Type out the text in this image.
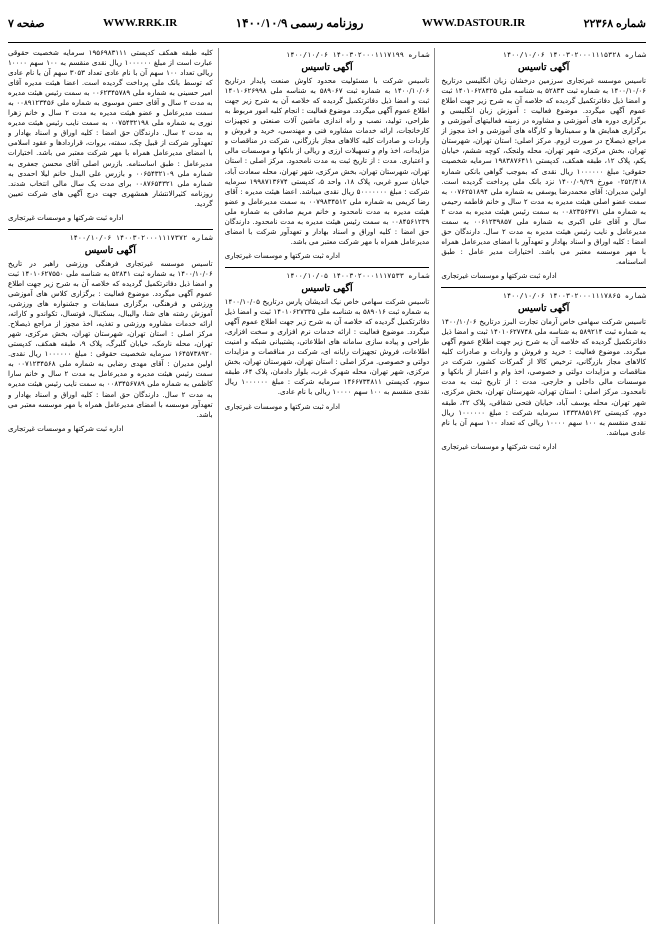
صفحه ۷	WWW.RRK.IR	روزنامه رسمی ۱۴۰۰/۱۰/۹	WWW.DASTOUR.IR	شماره ۲۲۳۶۸
شماره ۱۴۰۰۳۰۲۰۰۰۱۱۱۵۳۲۸ ۱۴۰۰/۱۰/۰۶
آگهی تاسیس

تاسیس موسسه غیرتجاری سرزمین درخشان زبان انگلیسی درتاریخ ۱۴۰۰/۱۰/۰۶ به شماره ثبت ۵۲۸۳۳ به شناسه ملی ۱۴۰۱۰۶۲۸۴۲۵ ثبت و امضا ذیل دفاترتکمیل گردیده که خلاصه آن به شرح زیر جهت اطلاع عموم آگهی میگردد. موضوع فعالیت : آموزش زبان انگلیسی و برگزاری دوره های آموزشی و مشاوره در زمینه فعالیتهای آموزشی و برگزاری همایش ها و سمینارها و کارگاه های آموزشی و اخذ مجوز از مراجع ذیصلاح در صورت لزوم. مرکز اصلی: استان تهران، شهرستان تهران، بخش مرکزی، شهر تهران، محله ولنجک، کوچه ششم، خیابان یکم، پلاک ۱۲، طبقه همکف، کدپستی ۱۹۸۳۸۷۶۴۱۱ سرمایه شخصیت حقوقی: مبلغ ۱۰۰۰۰۰۰ ریال نقدی که بموجب گواهی بانکی شماره ۰۲۵۲/۴۱۸ مورخ ۱۴۰۰/۰۹/۲۹ نزد بانک ملی پرداخت گردیده است. اولین مدیران: آقای محمدرضا یوسفی به شماره ملی ۰۰۷۶۲۵۱۸۹۴ به سمت عضو اصلی هیئت مدیره به مدت ۲ سال و خانم فاطمه رحیمی به شماره ملی ۰۰۸۲۳۵۶۴۷۱ به سمت رئیس هیئت مدیره به مدت ۲ سال و آقای علی اکبری به شماره ملی ۰۰۶۱۲۳۹۸۵۷ به سمت مدیرعامل و نایب رئیس هیئت مدیره به مدت ۲ سال. دارندگان حق امضا : کلیه اوراق و اسناد بهادار و تعهدآور با امضای مدیرعامل همراه با مهر موسسه معتبر می باشد. اختیارات مدیر عامل : طبق اساسنامه.

اداره ثبت شرکتها و موسسات غیرتجاری
شماره ۱۴۰۰۳۰۲۰۰۰۱۱۱۷۸۶۵ ۱۴۰۰/۱۰/۰۶
آگهی تاسیس

تاسیس شرکت سهامی خاص آرمان تجارت البرز درتاریخ ۱۴۰۰/۱۰/۰۶ به شماره ثبت ۵۸۹۲۱۴ به شناسه ملی ۱۴۰۱۰۶۲۷۷۴۸ ثبت و امضا ذیل دفاترتکمیل گردیده که خلاصه آن به شرح زیر جهت اطلاع عموم آگهی میگردد. موضوع فعالیت : خرید و فروش و واردات و صادرات کلیه کالاهای مجاز بازرگانی، ترخیص کالا از گمرکات کشور، شرکت در مناقصات و مزایدات دولتی و خصوصی، اخذ وام و اعتبار از بانکها و موسسات مالی داخلی و خارجی. مدت : از تاریخ ثبت به مدت نامحدود. مرکز اصلی : استان تهران، شهرستان تهران، بخش مرکزی، شهر تهران، محله یوسف آباد، خیابان فتحی شقاقی، پلاک ۴۲، طبقه دوم، کدپستی ۱۴۳۳۸۸۵۱۶۲ سرمایه شرکت : مبلغ ۱۰۰۰۰۰۰ ریال نقدی منقسم به ۱۰۰ سهم ۱۰۰۰۰ ریالی که تعداد ۱۰۰ سهم آن با نام عادی میباشد.

اداره ثبت شرکتها و موسسات غیرتجاری
شماره ۱۴۰۰۳۰۲۰۰۰۱۱۱۷۱۹۹ ۱۴۰۰/۱۰/۰۶
آگهی تاسیس

تاسیس شرکت با مسئولیت محدود کاوش صنعت پایدار درتاریخ ۱۴۰۰/۱۰/۰۶ به شماره ثبت ۵۸۹۰۶۷ به شناسه ملی ۱۴۰۱۰۶۲۶۹۹۸ ثبت و امضا ذیل دفاترتکمیل گردیده که خلاصه آن به شرح زیر جهت اطلاع عموم آگهی میگردد. موضوع فعالیت : انجام کلیه امور مربوط به طراحی، تولید، نصب و راه اندازی ماشین آلات صنعتی و تجهیزات کارخانجات، ارائه خدمات مشاوره فنی و مهندسی، خرید و فروش و واردات و صادرات کلیه کالاهای مجاز بازرگانی، شرکت در مناقصات و مزایدات، اخذ وام و تسهیلات ارزی و ریالی از بانکها و موسسات مالی و اعتباری. مدت : از تاریخ ثبت به مدت نامحدود. مرکز اصلی : استان تهران، شهرستان تهران، بخش مرکزی، شهر تهران، محله سعادت آباد، خیابان سرو غربی، پلاک ۱۸، واحد ۵، کدپستی ۱۹۹۸۷۱۳۶۷۴ سرمایه شرکت : مبلغ ۵۰۰۰۰۰۰۰ ریال نقدی میباشد. اعضا هیئت مدیره : آقای رضا کریمی به شماره ملی ۰۰۷۹۸۳۴۵۱۲ به سمت مدیرعامل و عضو هیئت مدیره به مدت نامحدود و خانم مریم صادقی به شماره ملی ۰۰۸۴۵۶۱۲۳۹ به سمت رئیس هیئت مدیره به مدت نامحدود. دارندگان حق امضا : کلیه اوراق و اسناد بهادار و تعهدآور شرکت با امضای مدیرعامل همراه با مهر شرکت معتبر می باشد.

اداره ثبت شرکتها و موسسات غیرتجاری
شماره ۱۴۰۰۳۰۲۰۰۰۱۱۱۷۵۳۳ ۱۴۰۰/۱۰/۰۵
آگهی تاسیس

تاسیس شرکت سهامی خاص نیک اندیشان پارس درتاریخ ۱۴۰۰/۱۰/۰۵ به شماره ثبت ۵۸۹۰۱۶ به شناسه ملی ۱۴۰۱۰۶۲۷۳۳۵ ثبت و امضا ذیل دفاترتکمیل گردیده که خلاصه آن به شرح زیر جهت اطلاع عموم آگهی میگردد. موضوع فعالیت : ارائه خدمات نرم افزاری و سخت افزاری، طراحی و پیاده سازی سامانه های اطلاعاتی، پشتیبانی شبکه و امنیت اطلاعات، فروش تجهیزات رایانه ای، شرکت در مناقصات و مزایدات دولتی و خصوصی. مرکز اصلی : استان تهران، شهرستان تهران، بخش مرکزی، شهر تهران، محله شهرک غرب، بلوار دادمان، پلاک ۶۴، طبقه سوم، کدپستی ۱۴۶۶۷۳۴۸۱۱ سرمایه شرکت : مبلغ ۱۰۰۰۰۰۰ ریال نقدی منقسم به ۱۰۰ سهم ۱۰۰۰۰ ریالی با نام عادی.

اداره ثبت شرکتها و موسسات غیرتجاری

کلیه طبقه همکف کدپستی ۱۹۵۶۹۸۳۱۱۱ سرمایه شخصیت حقوقی عبارت است از مبلغ ۱۰۰۰۰۰۰ ریال نقدی منقسم به ۱۰۰ سهم ۱۰۰۰۰ ریالی تعداد ۱۰۰ سهم آن با نام عادی تعداد ۳۰۵۳ سهم آن با نام عادی که توسط بانک ملی پرداخت گردیده است. اعضا هیئت مدیره آقای امیر حسینی به شماره ملی ۰۰۶۲۳۴۵۷۸۹ به سمت رئیس هیئت مدیره به مدت ۲ سال و آقای حسن موسوی به شماره ملی ۰۰۸۹۱۲۳۴۵۶ به سمت مدیرعامل و عضو هیئت مدیره به مدت ۲ سال و خانم زهرا نوری به شماره ملی ۰۰۷۵۴۳۲۱۹۸ به سمت نایب رئیس هیئت مدیره به مدت ۲ سال. دارندگان حق امضا : کلیه اوراق و اسناد بهادار و تعهدآور شرکت از قبیل چک، سفته، بروات، قراردادها و عقود اسلامی با امضای مدیرعامل همراه با مهر شرکت معتبر می باشد. اختیارات مدیرعامل : طبق اساسنامه. بازرس اصلی آقای محسن جعفری به شماره ملی ۰۰۶۵۴۳۲۱۰۹ و بازرس علی البدل خانم لیلا احمدی به شماره ملی ۰۰۸۷۶۵۴۳۲۱ برای مدت یک سال مالی انتخاب شدند. روزنامه کثیرالانتشار همشهری جهت درج آگهی های شرکت تعیین گردید.

اداره ثبت شرکتها و موسسات غیرتجاری
شماره ۱۴۰۰۳۰۲۰۰۰۱۱۱۷۳۷۲ ۱۴۰۰/۱۰/۰۶
آگهی تاسیس

تاسیس موسسه غیرتجاری فرهنگی ورزشی راهبر در تاریخ ۱۴۰۰/۱۰/۰۶ به شماره ثبت ۵۲۸۴۱ به شناسه ملی ۱۴۰۱۰۶۲۷۵۵۰ ثبت و امضا ذیل دفاترتکمیل گردیده که خلاصه آن به شرح زیر جهت اطلاع عموم آگهی میگردد. موضوع فعالیت : برگزاری کلاس های آموزشی ورزشی و فرهنگی، برگزاری مسابقات و جشنواره های ورزشی، آموزش رشته های شنا، والیبال، بسکتبال، فوتسال، تکواندو و کاراته، ارائه خدمات مشاوره ورزشی و تغذیه، اخذ مجوز از مراجع ذیصلاح. مرکز اصلی : استان تهران، شهرستان تهران، بخش مرکزی، شهر تهران، محله نارمک، خیابان گلبرگ، پلاک ۹، طبقه همکف، کدپستی ۱۶۴۵۷۳۸۹۲۰ سرمایه شخصیت حقوقی : مبلغ ۱۰۰۰۰۰۰ ریال نقدی. اولین مدیران : آقای مهدی رضایی به شماره ملی ۰۰۷۱۲۳۴۵۶۸ به سمت رئیس هیئت مدیره و مدیرعامل به مدت ۲ سال و خانم سارا کاظمی به شماره ملی ۰۰۸۳۴۵۶۷۸۹ به سمت نایب رئیس هیئت مدیره به مدت ۲ سال. دارندگان حق امضا : کلیه اوراق و اسناد بهادار و تعهدآور موسسه با امضای مدیرعامل همراه با مهر موسسه معتبر می باشد.

اداره ثبت شرکتها و موسسات غیرتجاری
